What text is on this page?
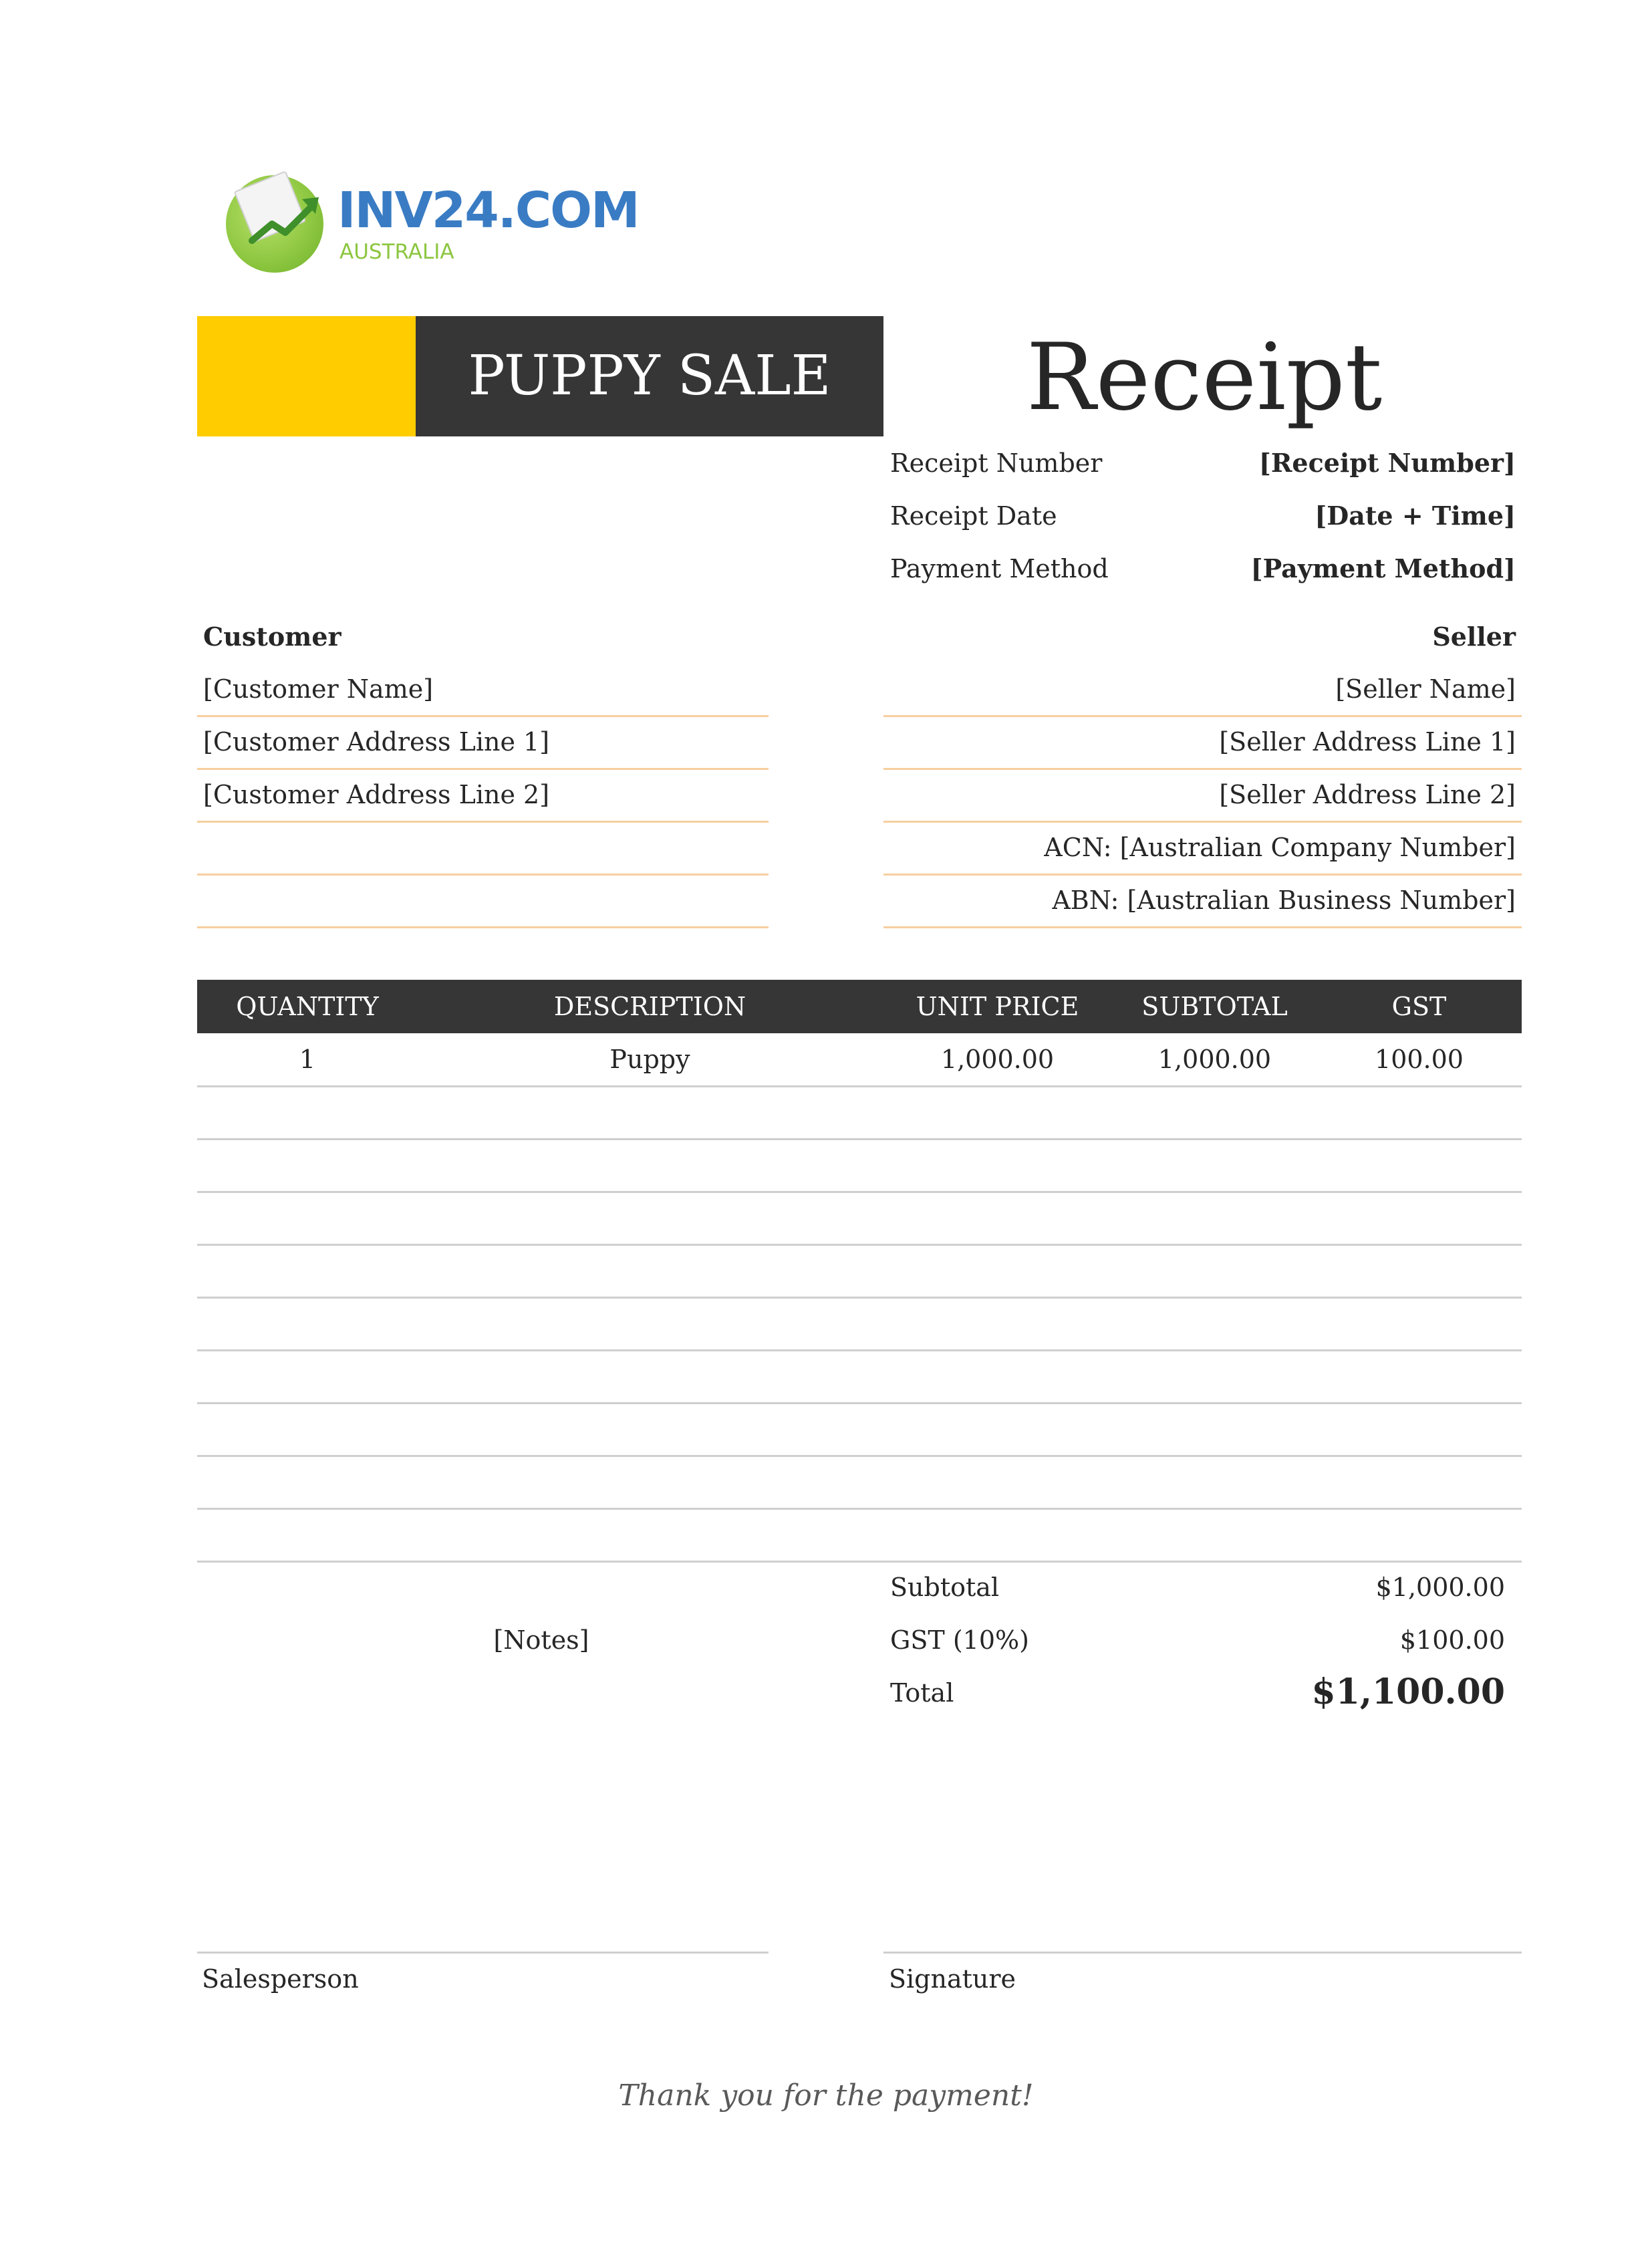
INV24.COM
AUSTRALIA
PUPPY SALE	Receipt
Receipt Number	[Receipt Number]
Receipt Date	[Date + Time]
Payment Method	[Payment Method]
Customer
[Customer Name]
[Customer Address Line 1]
[Customer Address Line 2]
Seller
[Seller Name]
[Seller Address Line 1]
[Seller Address Line 2]
ACN: [Australian Company Number]
ABN: [Australian Business Number]
QUANTITY	DESCRIPTION	UNIT PRICE	SUBTOTAL	GST
1	Puppy	1,000.00	1,000.00	100.00
[Notes]
Subtotal	$1,000.00
GST (10%)	$100.00
Total	$1,100.00
Salesperson	Signature
Thank you for the payment!
